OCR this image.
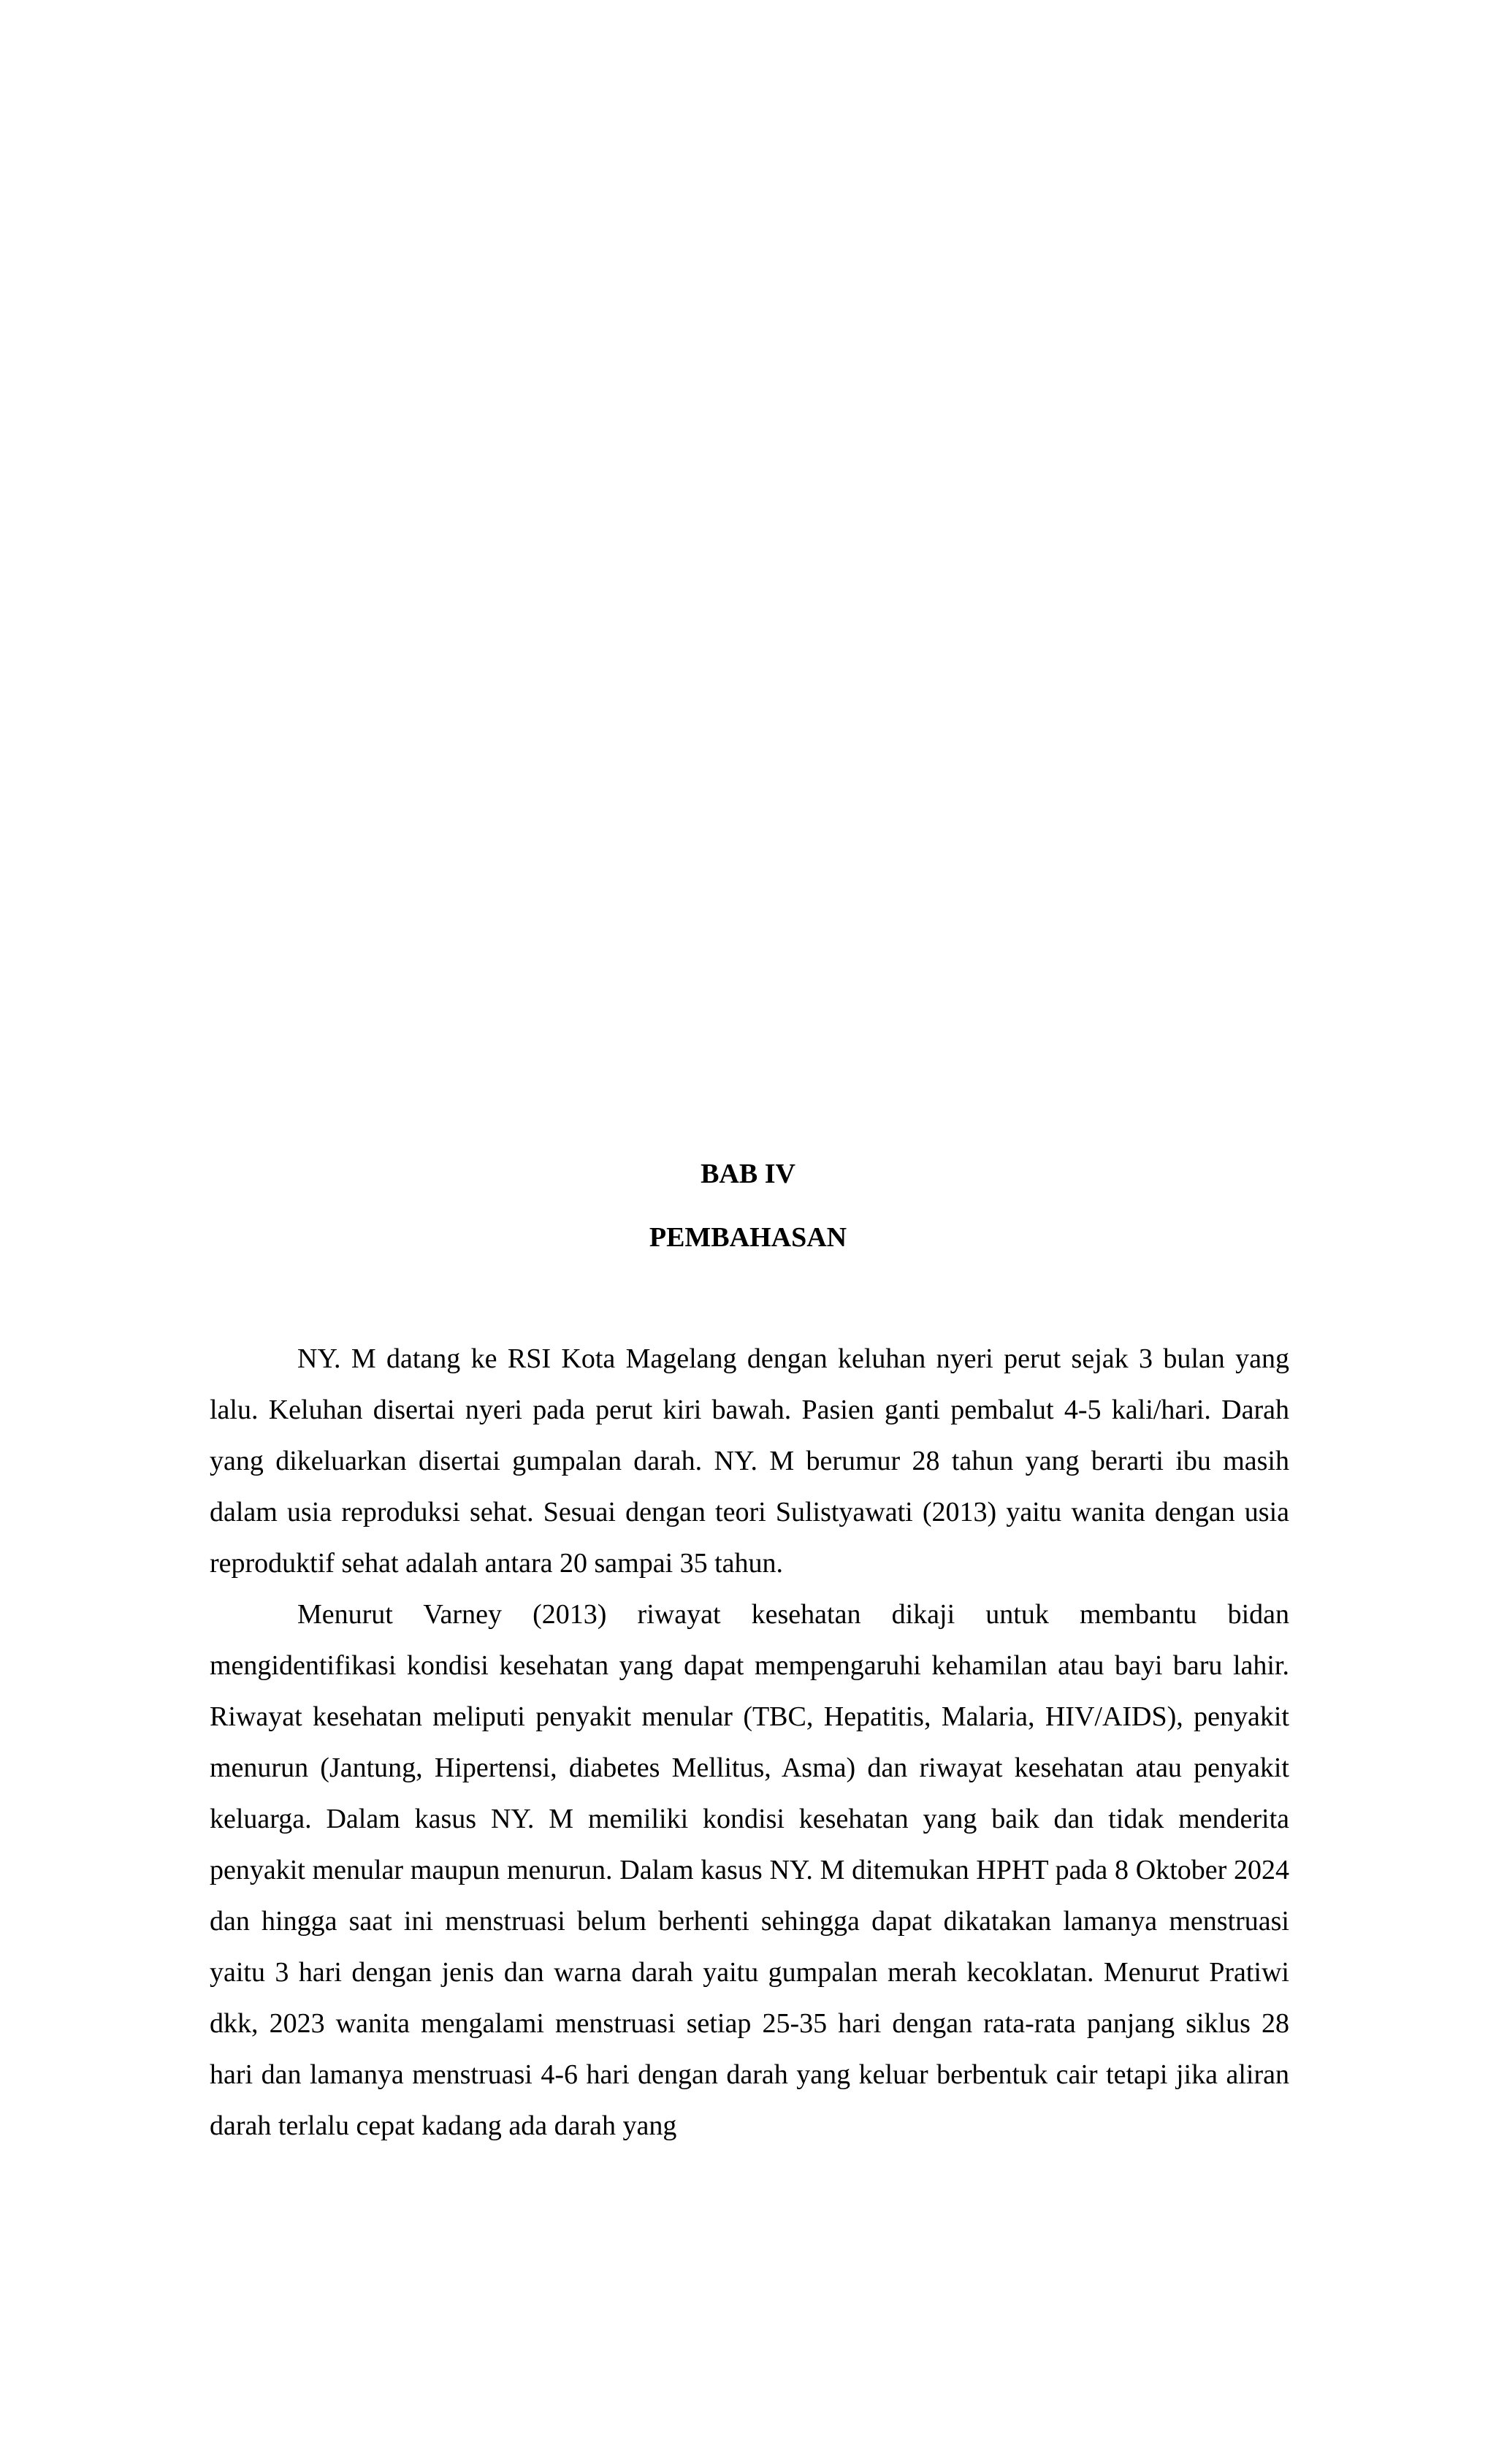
BAB IV
PEMBAHASAN

NY. M datang ke RSI Kota Magelang dengan keluhan nyeri perut sejak 3 bulan yang lalu. Keluhan disertai nyeri pada perut kiri bawah. Pasien ganti pembalut 4-5 kali/hari. Darah yang dikeluarkan disertai gumpalan darah. NY. M berumur 28 tahun yang berarti ibu masih dalam usia reproduksi sehat. Sesuai dengan teori Sulistyawati (2013) yaitu wanita dengan usia reproduktif sehat adalah antara 20 sampai 35 tahun.

Menurut Varney (2013) riwayat kesehatan dikaji untuk membantu bidan mengidentifikasi kondisi kesehatan yang dapat mempengaruhi kehamilan atau bayi baru lahir. Riwayat kesehatan meliputi penyakit menular (TBC, Hepatitis, Malaria, HIV/AIDS), penyakit menurun (Jantung, Hipertensi, diabetes Mellitus, Asma) dan riwayat kesehatan atau penyakit keluarga. Dalam kasus NY. M memiliki kondisi kesehatan yang baik dan tidak menderita penyakit menular maupun menurun. Dalam kasus NY. M ditemukan HPHT pada 8 Oktober 2024 dan hingga saat ini menstruasi belum berhenti sehingga dapat dikatakan lamanya menstruasi yaitu 3 hari dengan jenis dan warna darah yaitu gumpalan merah kecoklatan. Menurut Pratiwi dkk, 2023 wanita mengalami menstruasi setiap 25-35 hari dengan rata-rata panjang siklus 28 hari dan lamanya menstruasi 4-6 hari dengan darah yang keluar berbentuk cair tetapi jika aliran darah terlalu cepat kadang ada darah yang
